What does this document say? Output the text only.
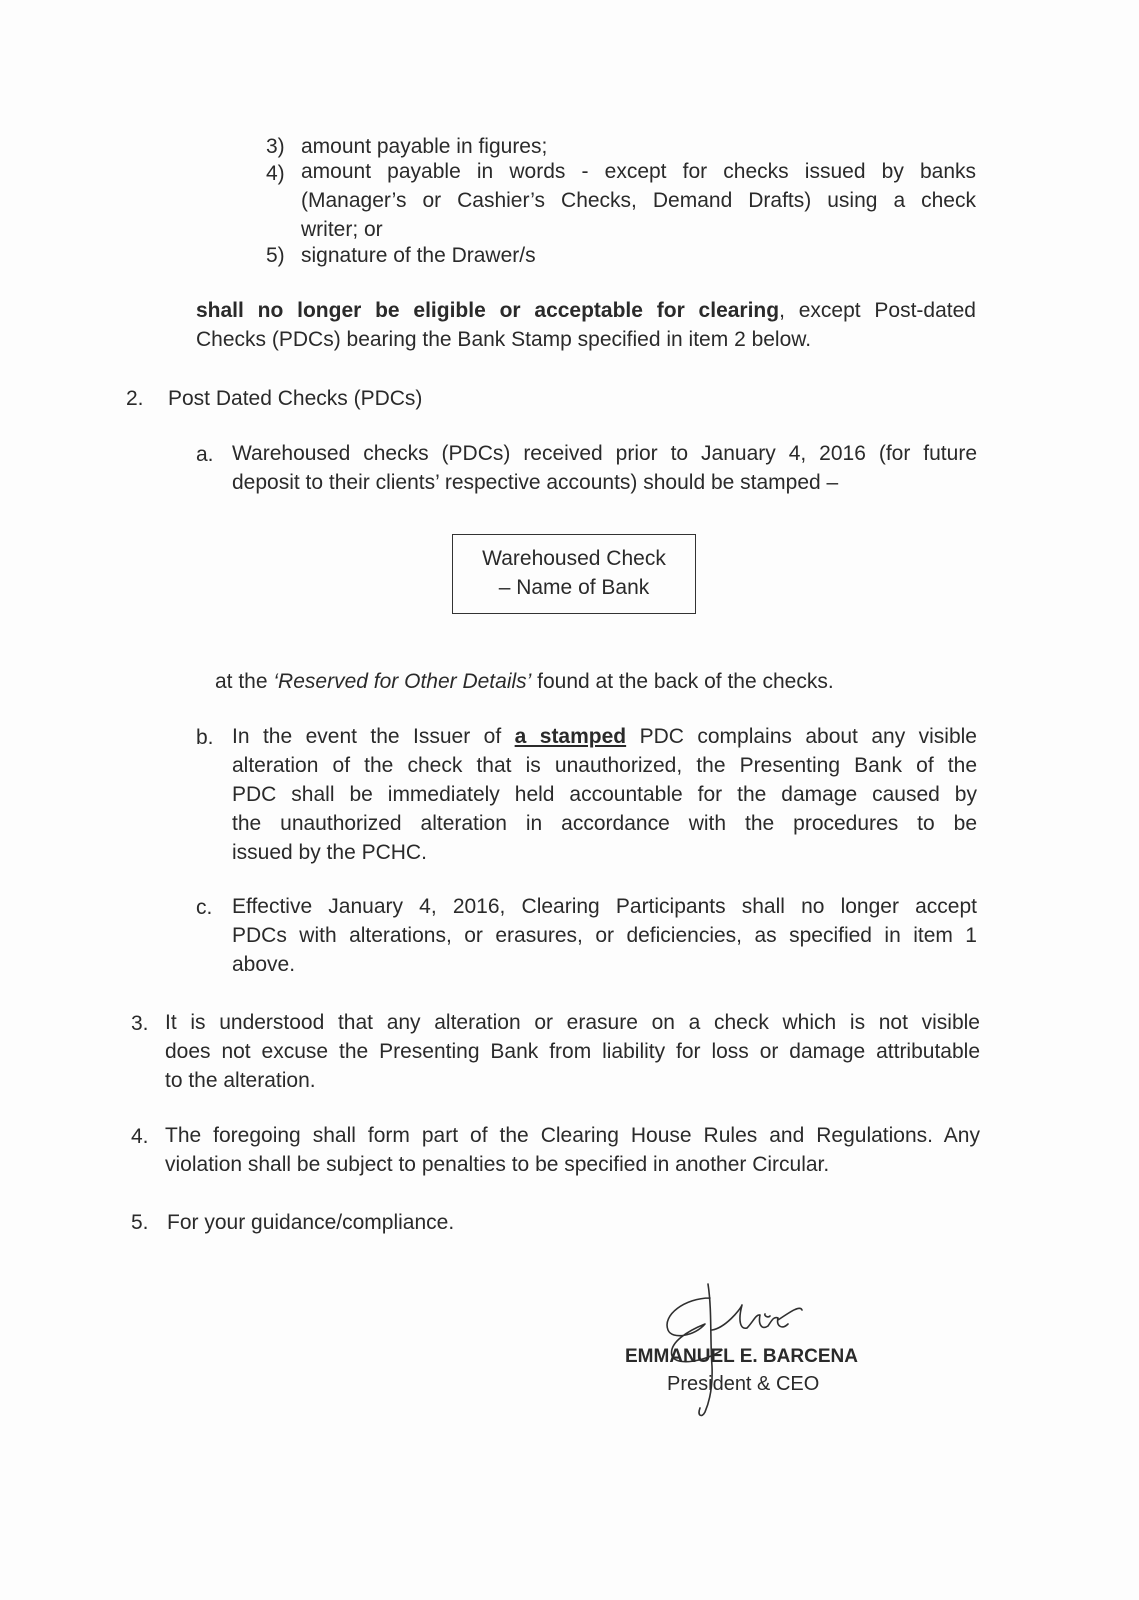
3) amount payable in figures;
4) amount payable in words - except for checks issued by banks
(Manager’s or Cashier’s Checks, Demand Drafts) using a check
writer; or
5) signature of the Drawer/s
shall no longer be eligible or acceptable for clearing, except Post-dated
Checks (PDCs) bearing the Bank Stamp specified in item 2 below.
2. Post Dated Checks (PDCs)
a. Warehoused checks (PDCs) received prior to January 4, 2016 (for future
deposit to their clients’ respective accounts) should be stamped –
Warehoused Check
– Name of Bank
at the ‘Reserved for Other Details’ found at the back of the checks.
b. In the event the Issuer of a stamped PDC complains about any visible
alteration of the check that is unauthorized, the Presenting Bank of the
PDC shall be immediately held accountable for the damage caused by
the unauthorized alteration in accordance with the procedures to be
issued by the PCHC.
c. Effective January 4, 2016, Clearing Participants shall no longer accept
PDCs with alterations, or erasures, or deficiencies, as specified in item 1
above.
3. It is understood that any alteration or erasure on a check which is not visible
does not excuse the Presenting Bank from liability for loss or damage attributable
to the alteration.
4. The foregoing shall form part of the Clearing House Rules and Regulations. Any
violation shall be subject to penalties to be specified in another Circular.
5. For your guidance/compliance.
EMMANUEL E. BARCENA
President & CEO
